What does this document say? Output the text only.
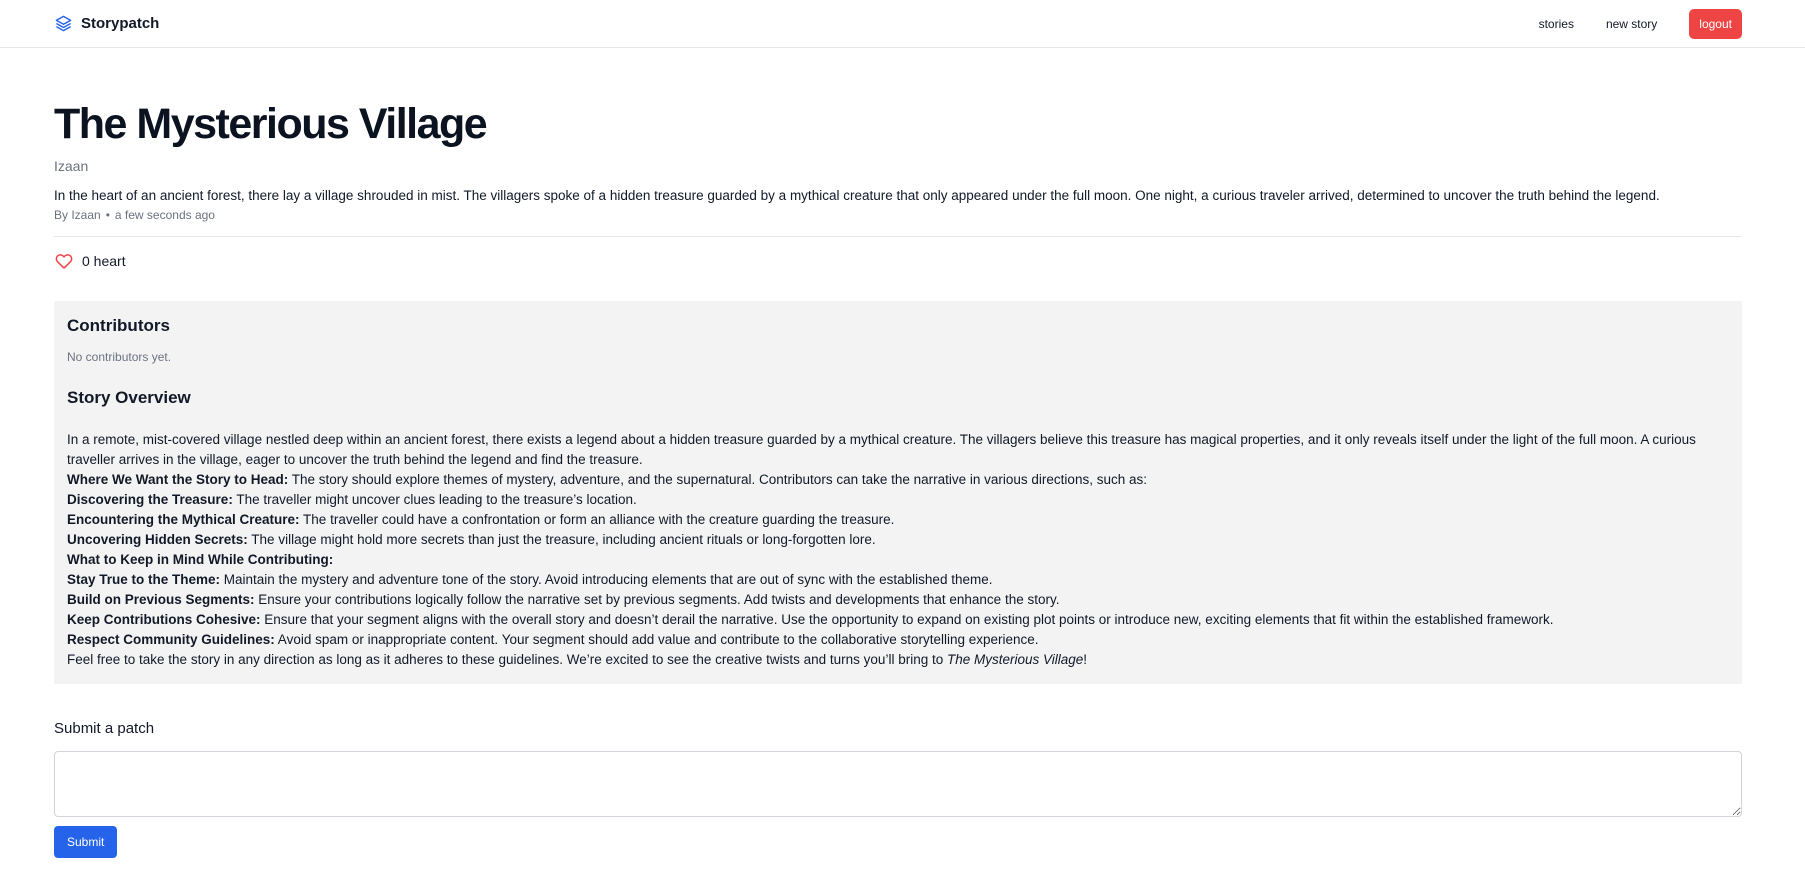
Storypatch	stories	new story	logout
The Mysterious Village
Izaan

In the heart of an ancient forest, there lay a village shrouded in mist. The villagers spoke of a hidden treasure guarded by a mythical creature that only appeared under the full moon. One night, a curious traveler arrived, determined to uncover the truth behind the legend.

By Izaan • a few seconds ago
0 heart
Contributors

No contributors yet.

Story Overview

In a remote, mist-covered village nestled deep within an ancient forest, there exists a legend about a hidden treasure guarded by a mythical creature. The villagers believe this treasure has magical properties, and it only reveals itself under the light of the full moon. A curious traveller arrives in the village, eager to uncover the truth behind the legend and find the treasure.

Where We Want the Story to Head: The story should explore themes of mystery, adventure, and the supernatural. Contributors can take the narrative in various directions, such as:

Discovering the Treasure: The traveller might uncover clues leading to the treasure’s location.

Encountering the Mythical Creature: The traveller could have a confrontation or form an alliance with the creature guarding the treasure.

Uncovering Hidden Secrets: The village might hold more secrets than just the treasure, including ancient rituals or long-forgotten lore.

What to Keep in Mind While Contributing:

Stay True to the Theme: Maintain the mystery and adventure tone of the story. Avoid introducing elements that are out of sync with the established theme.

Build on Previous Segments: Ensure your contributions logically follow the narrative set by previous segments. Add twists and developments that enhance the story.

Keep Contributions Cohesive: Ensure that your segment aligns with the overall story and doesn’t derail the narrative. Use the opportunity to expand on existing plot points or introduce new, exciting elements that fit within the established framework.

Respect Community Guidelines: Avoid spam or inappropriate content. Your segment should add value and contribute to the collaborative storytelling experience.

Feel free to take the story in any direction as long as it adheres to these guidelines. We’re excited to see the creative twists and turns you’ll bring to The Mysterious Village!

Submit a patch
Submit
